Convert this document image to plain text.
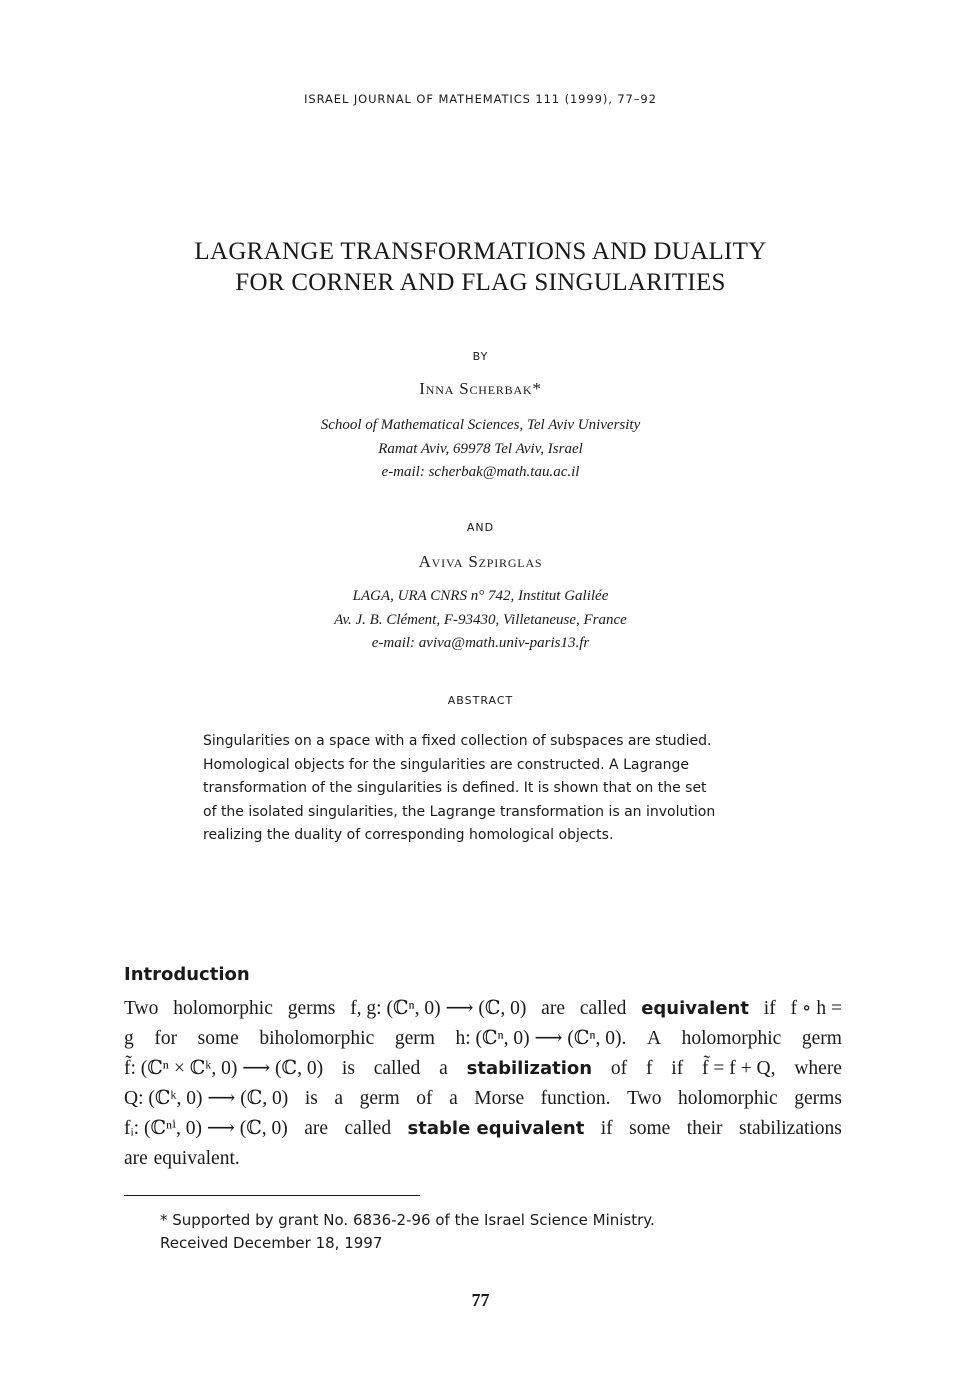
ISRAEL JOURNAL OF MATHEMATICS 111 (1999), 77–92
LAGRANGE TRANSFORMATIONS AND DUALITY
FOR CORNER AND FLAG SINGULARITIES
BY
Inna Scherbak*
School of Mathematical Sciences, Tel Aviv University
Ramat Aviv, 69978 Tel Aviv, Israel
e-mail: scherbak@math.tau.ac.il
AND
Aviva Szpirglas
LAGA, URA CNRS n° 742, Institut Galilée
Av. J. B. Clément, F-93430, Villetaneuse, France
e-mail: aviva@math.univ-paris13.fr
ABSTRACT
Singularities on a space with a fixed collection of subspaces are studied.
Homological objects for the singularities are constructed. A Lagrange
transformation of the singularities is defined. It is shown that on the set
of the isolated singularities, the Lagrange transformation is an involution
realizing the duality of corresponding homological objects.
Introduction
Two holomorphic germs f, g: (ℂⁿ, 0) ⟶ (ℂ, 0) are called equivalent if f ∘ h =
g for some biholomorphic germ h: (ℂⁿ, 0) ⟶ (ℂⁿ, 0). A holomorphic germ
f̃: (ℂⁿ × ℂᵏ, 0) ⟶ (ℂ, 0) is called a stabilization of f if f̃ = f + Q, where
Q: (ℂᵏ, 0) ⟶ (ℂ, 0) is a germ of a Morse function. Two holomorphic germs
fᵢ: (ℂⁿⁱ, 0) ⟶ (ℂ, 0) are called stable equivalent if some their stabilizations
are equivalent.
* Supported by grant No. 6836-2-96 of the Israel Science Ministry.
Received December 18, 1997
77
